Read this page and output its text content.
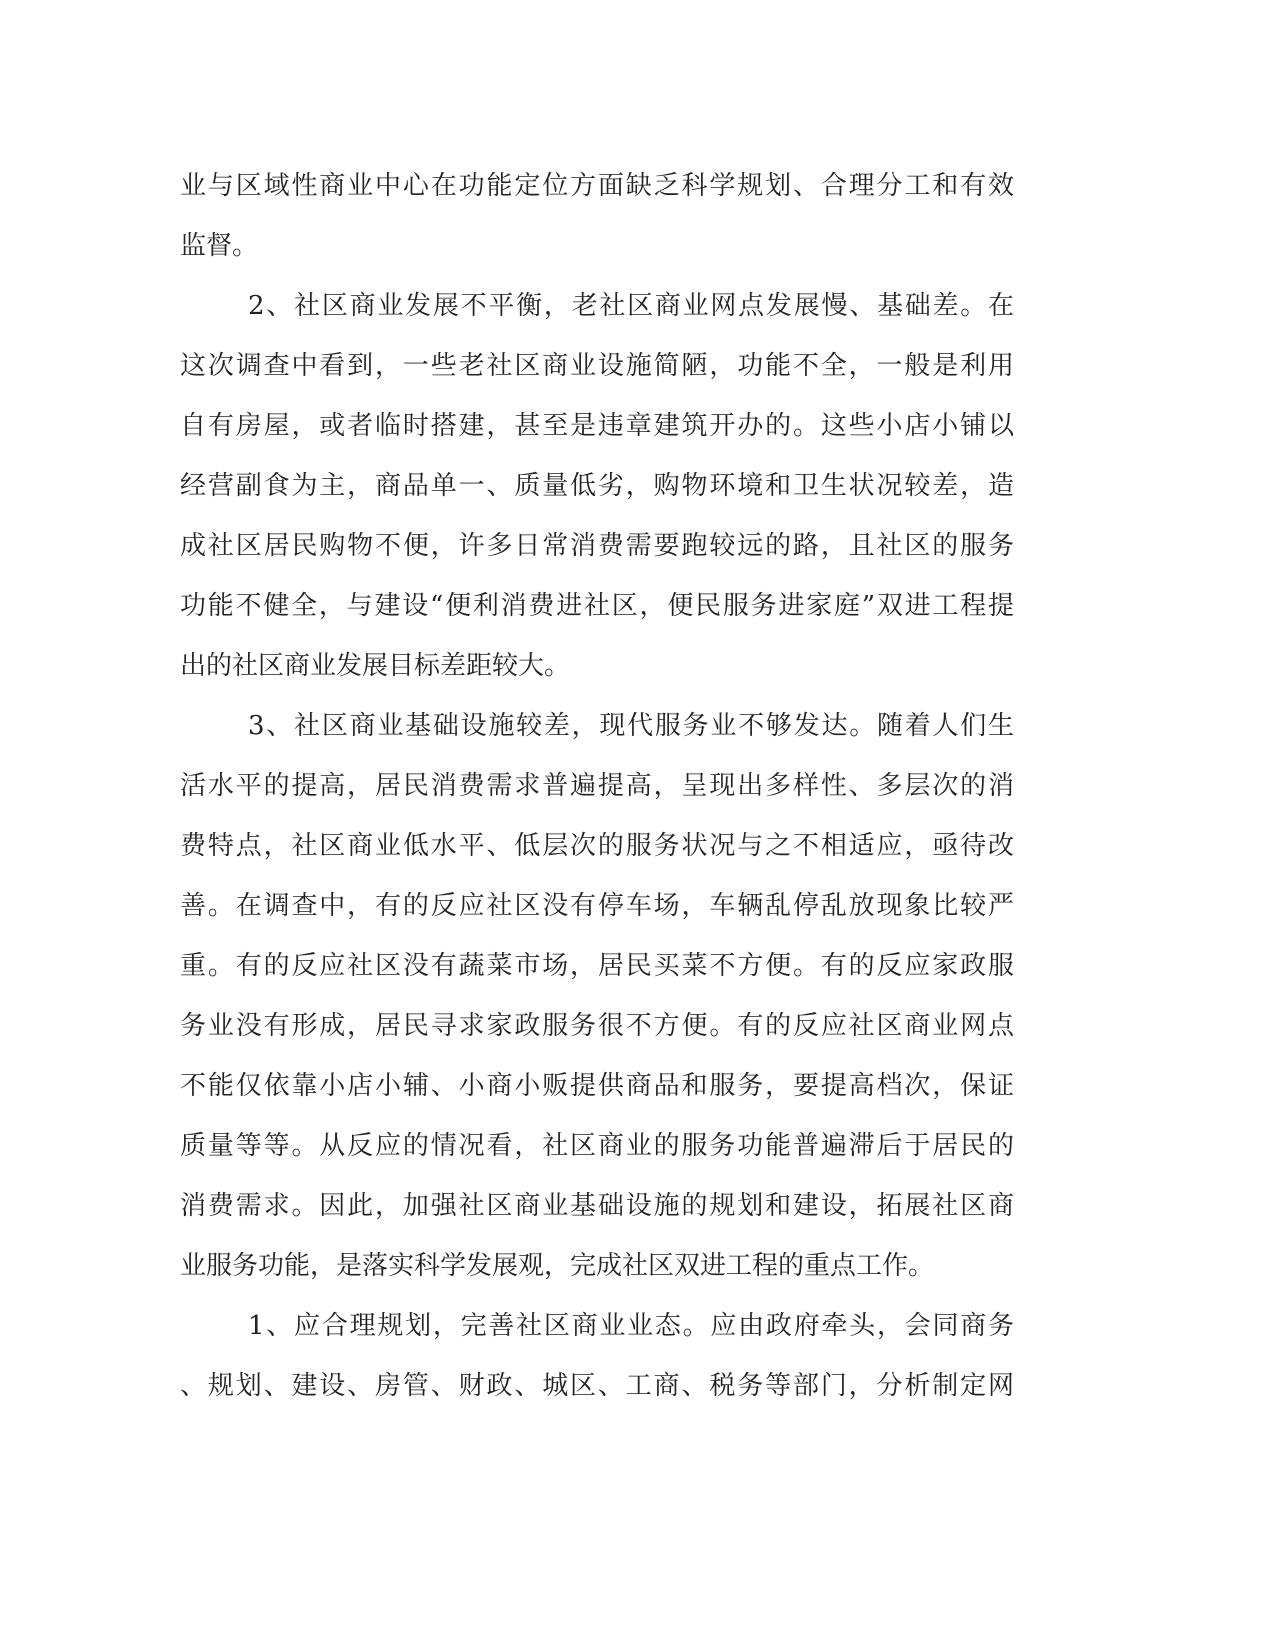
业与区域性商业中心在功能定位方面缺乏科学规划、合理分工和有效
监督。
2、社区商业发展不平衡，老社区商业网点发展慢、基础差。在
这次调查中看到，一些老社区商业设施简陋，功能不全，一般是利用
自有房屋，或者临时搭建，甚至是违章建筑开办的。这些小店小铺以
经营副食为主，商品单一、质量低劣，购物环境和卫生状况较差，造
成社区居民购物不便，许多日常消费需要跑较远的路，且社区的服务
功能不健全，与建设“便利消费进社区，便民服务进家庭”双进工程提
出的社区商业发展目标差距较大。
3、社区商业基础设施较差，现代服务业不够发达。随着人们生
活水平的提高，居民消费需求普遍提高，呈现出多样性、多层次的消
费特点，社区商业低水平、低层次的服务状况与之不相适应，亟待改
善。在调查中，有的反应社区没有停车场，车辆乱停乱放现象比较严
重。有的反应社区没有蔬菜市场，居民买菜不方便。有的反应家政服
务业没有形成，居民寻求家政服务很不方便。有的反应社区商业网点
不能仅依靠小店小辅、小商小贩提供商品和服务，要提高档次，保证
质量等等。从反应的情况看，社区商业的服务功能普遍滞后于居民的
消费需求。因此，加强社区商业基础设施的规划和建设，拓展社区商
业服务功能，是落实科学发展观，完成社区双进工程的重点工作。
1、应合理规划，完善社区商业业态。应由政府牵头，会同商务
、规划、建设、房管、财政、城区、工商、税务等部门，分析制定网
